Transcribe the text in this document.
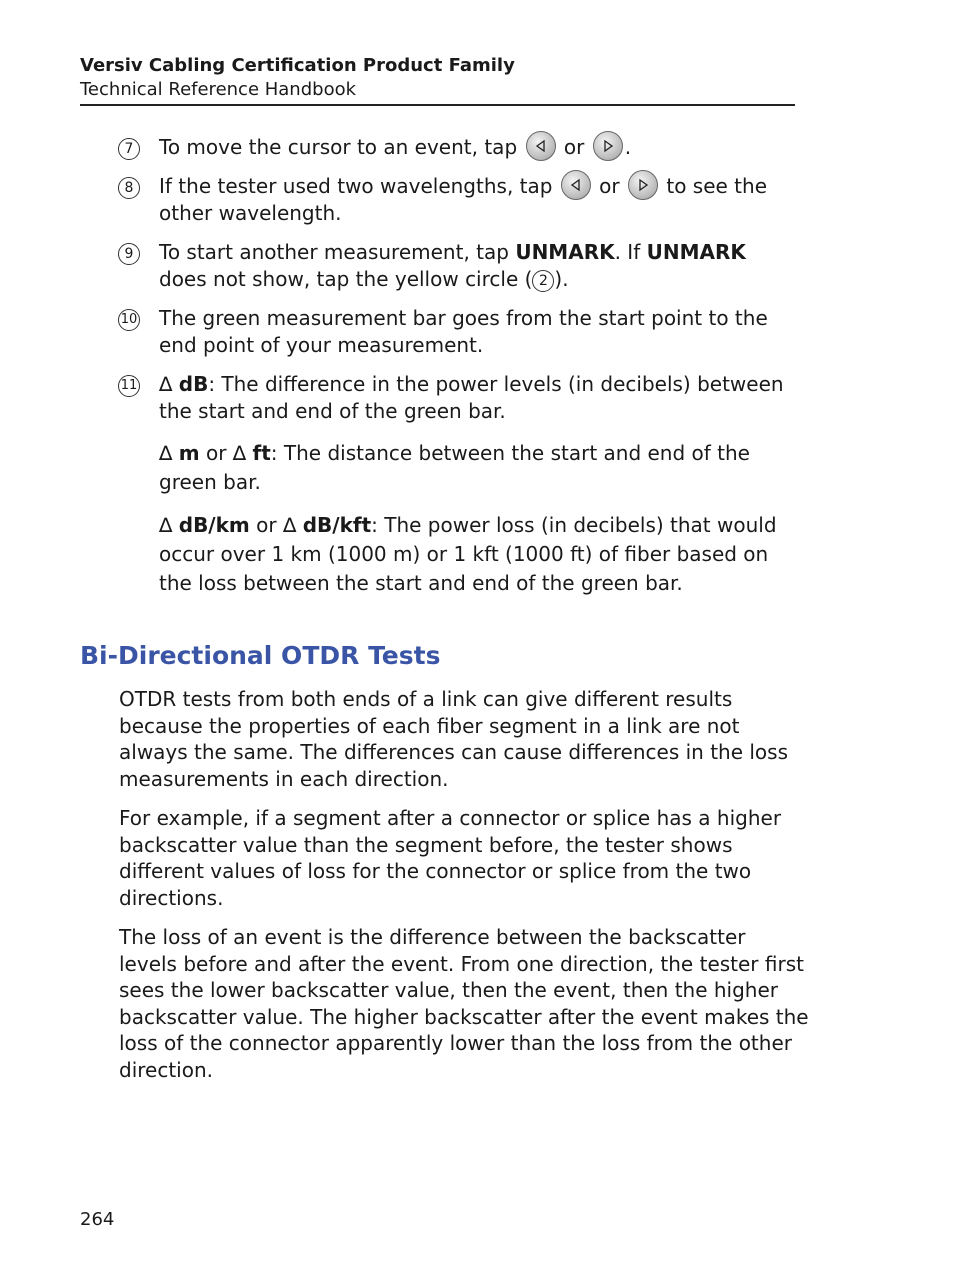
Versiv Cabling Certification Product Family
Technical Reference Handbook
7	To move the cursor to an event, tap
or
.
8	If the tester used two wavelengths, tap
or
to see the other wavelength.
9	To start another measurement, tap UNMARK. If UNMARK does not show, tap the yellow circle ( 2 ).
10 The green measurement bar goes from the start point to the end point of your measurement.
11 ∆ dB: The difference in the power levels (in decibels) between the start and end of the green bar.

∆ m or ∆ ft: The distance between the start and end of the green bar.

∆ dB/km or ∆ dB/kft: The power loss (in decibels) that would occur over 1 km (1000 m) or 1 kft (1000 ft) of fiber based on the loss between the start and end of the green bar.

Bi-Directional OTDR Tests

OTDR tests from both ends of a link can give different results because the properties of each fiber segment in a link are not always the same. The differences can cause differences in the loss measurements in each direction.

For example, if a segment after a connector or splice has a higher backscatter value than the segment before, the tester shows different values of loss for the connector or splice from the two directions.

The loss of an event is the difference between the backscatter levels before and after the event. From one direction, the tester first sees the lower backscatter value, then the event, then the higher backscatter value. The higher backscatter after the event makes the loss of the connector apparently lower than the loss from the other direction.

264
